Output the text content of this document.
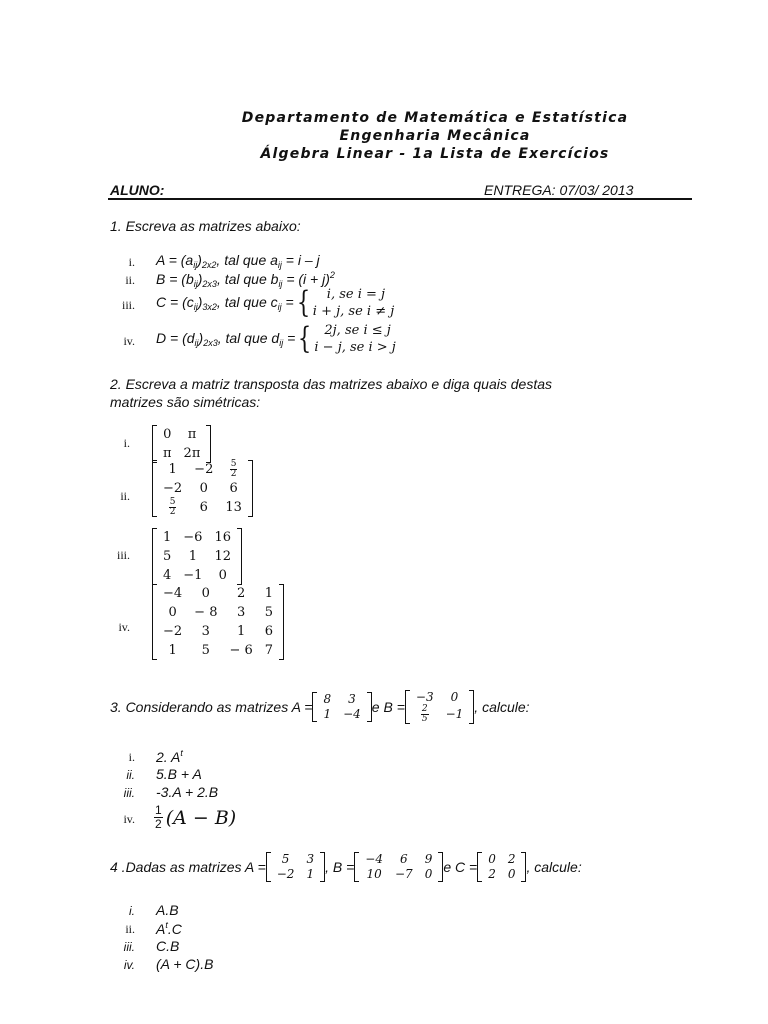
Departamento de Matemática e Estatística
Engenharia Mecânica
Álgebra Linear - 1a Lista de Exercícios
ALUNO:	ENTREGA: 07/03/ 2013
1. Escreva as matrizes abaixo:
i. $A = (a_{ij})_{2x2}$, tal que $a_{ij} = i - j$
ii. $B = (b_{ij})_{2x3}$, tal que $b_{ij} = (i + j)^2$
iii. $C = (c_{ij})_{3x2}$, tal que $c_{ij}$ = {	i, se i = j
i + j, se i ≠ j
iv. $D = (d_{ij})_{2x3}$, tal que $d_{ij}$ = { 2j, se i ≤ j
i − j, se i > j
2. Escreva a matriz transposta das matrizes abaixo e diga quais destas
matrizes são simétricas:
i.
0	π
π	2π
ii.
1	−2	$\frac{5}{2}$

−2	0	6

$\frac{5}{2}$	6	13
iii.
1	−6	16
5	1	12
4	−1	0
iv.
−4	0	2	1
0	− 8	3	5
−2	3	1	6
1	5	− 6	7
3. Considerando as matrizes A = 8	3
1	−4 e B =
−3	0

$\frac{2}{5}$	−1 , calcule:
i. 2. $A^t$
ii. 5.B + A
iii. -3.A + 2.B
iv. $\frac{1}{2} (A - B)$
4 .Dadas as matrizes A = 5	3
−2	1 , B = −4	6	9
10	−7	0 e C = 0	2
2	0 , calcule:
i. A.B
ii. $A^t.C$
iii. C.B
iv. (A + C).B
